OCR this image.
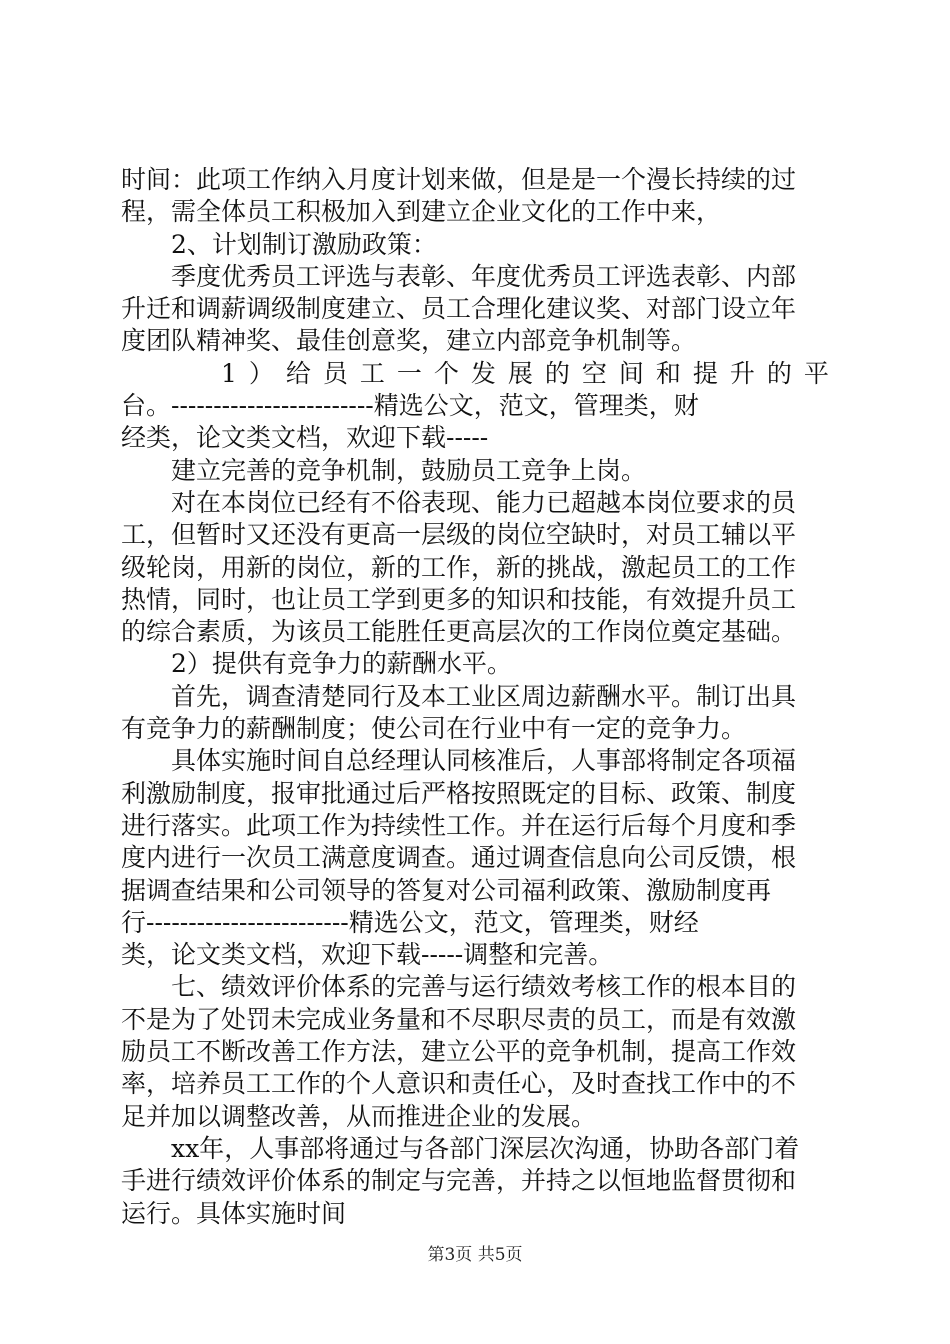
时间：此项工作纳入月度计划来做，但是是一个漫长持续的过
程，需全体员工积极加入到建立企业文化的工作中来，
2、计划制订激励政策：
季度优秀员工评选与表彰、年度优秀员工评选表彰、内部
升迁和调薪调级制度建立、员工合理化建议奖、对部门设立年
度团队精神奖、最佳创意奖，建立内部竞争机制等。
1）给员工一个发展的空间和提升的平
台。------------------------精选公文，范文，管理类，财
经类，论文类文档，欢迎下载-----
建立完善的竞争机制，鼓励员工竞争上岗。
对在本岗位已经有不俗表现、能力已超越本岗位要求的员
工，但暂时又还没有更高一层级的岗位空缺时，对员工辅以平
级轮岗，用新的岗位，新的工作，新的挑战，激起员工的工作
热情，同时，也让员工学到更多的知识和技能，有效提升员工
的综合素质，为该员工能胜任更高层次的工作岗位奠定基础。
2）提供有竞争力的薪酬水平。
首先，调查清楚同行及本工业区周边薪酬水平。制订出具
有竞争力的薪酬制度；使公司在行业中有一定的竞争力。
具体实施时间自总经理认同核准后，人事部将制定各项福
利激励制度，报审批通过后严格按照既定的目标、政策、制度
进行落实。此项工作为持续性工作。并在运行后每个月度和季
度内进行一次员工满意度调查。通过调查信息向公司反馈，根
据调查结果和公司领导的答复对公司福利政策、激励制度再
行------------------------精选公文，范文，管理类，财经
类，论文类文档，欢迎下载-----调整和完善。
七、绩效评价体系的完善与运行绩效考核工作的根本目的
不是为了处罚未完成业务量和不尽职尽责的员工，而是有效激
励员工不断改善工作方法，建立公平的竞争机制，提高工作效
率，培养员工工作的个人意识和责任心，及时查找工作中的不
足并加以调整改善，从而推进企业的发展。
xx年，人事部将通过与各部门深层次沟通，协助各部门着
手进行绩效评价体系的制定与完善，并持之以恒地监督贯彻和
运行。具体实施时间
第3页 共5页
